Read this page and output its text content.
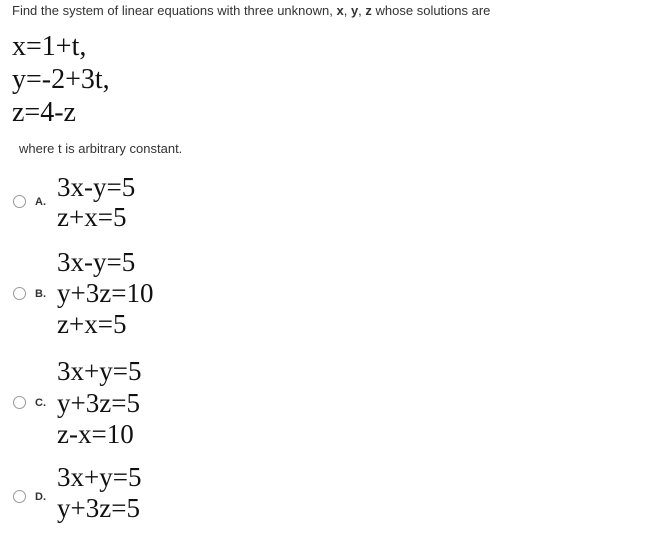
Find the system of linear equations with three unknown, x, y, z whose solutions are
x=1+t,
y=-2+3t,
z=4-z
where t is arbitrary constant.
A. 3x-y=5
z+x=5
B.
3x-y=5
y+3z=10
z+x=5
C.
3x+y=5
y+3z=5
z-x=10
D.
3x+y=5
y+3z=5
